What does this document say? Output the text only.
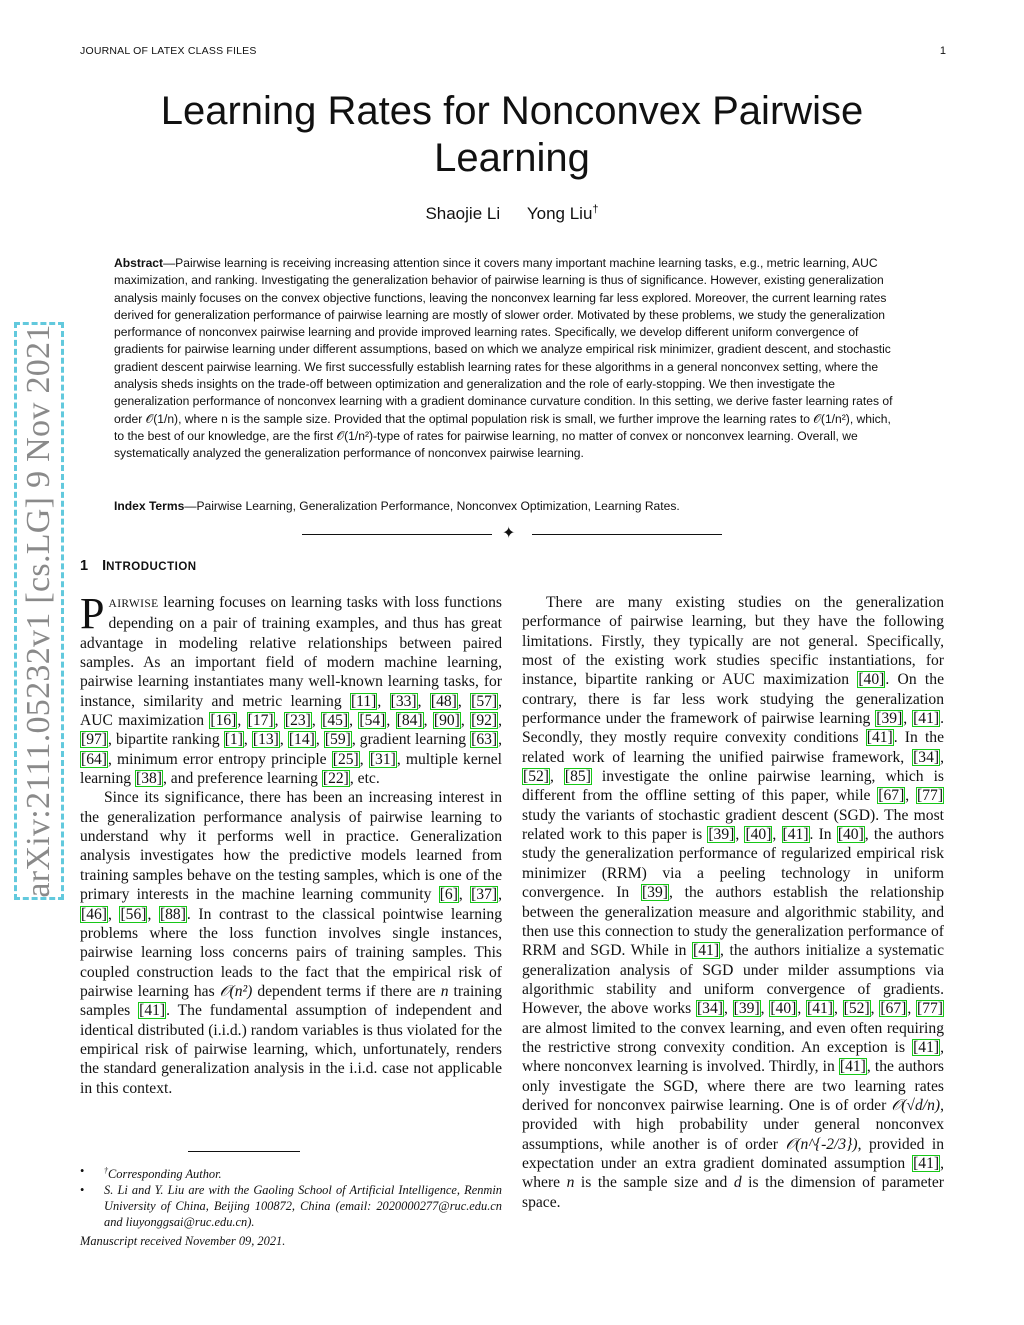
JOURNAL OF LATEX CLASS FILES	1
Learning Rates for Nonconvex Pairwise Learning
Shaojie Li Yong Liu†

Abstract—Pairwise learning is receiving increasing attention since it covers many important machine learning tasks, e.g., metric learning, AUC maximization, and ranking. Investigating the generalization behavior of pairwise learning is thus of significance. However, existing generalization analysis mainly focuses on the convex objective functions, leaving the nonconvex learning far less explored. Moreover, the current learning rates derived for generalization performance of pairwise learning are mostly of slower order. Motivated by these problems, we study the generalization performance of nonconvex pairwise learning and provide improved learning rates. Specifically, we develop different uniform convergence of gradients for pairwise learning under different assumptions, based on which we analyze empirical risk minimizer, gradient descent, and stochastic gradient descent pairwise learning. We first successfully establish learning rates for these algorithms in a general nonconvex setting, where the analysis sheds insights on the trade-off between optimization and generalization and the role of early-stopping. We then investigate the generalization performance of nonconvex learning with a gradient dominance curvature condition. In this setting, we derive faster learning rates of order 𝒪(1/n), where n is the sample size. Provided that the optimal population risk is small, we further improve the learning rates to 𝒪(1/n²), which, to the best of our knowledge, are the first 𝒪(1/n²)-type of rates for pairwise learning, no matter of convex or nonconvex learning. Overall, we systematically analyzed the generalization performance of nonconvex pairwise learning.

Index Terms—Pairwise Learning, Generalization Performance, Nonconvex Optimization, Learning Rates.

✦
1 INTRODUCTION

PAIRWISE learning focuses on learning tasks with loss functions depending on a pair of training examples, and thus has great advantage in modeling relative relationships between paired samples. As an important field of modern machine learning, pairwise learning instantiates many well-known learning tasks, for instance, similarity and metric learning [11], [33], [48], [57], AUC maximization [16], [17], [23], [45], [54], [84], [90], [92], [97], bipartite ranking [1], [13], [14], [59], gradient learning [63], [64], minimum error entropy principle [25], [31], multiple kernel learning [38], and preference learning [22], etc.

Since its significance, there has been an increasing interest in the generalization performance analysis of pairwise learning to understand why it performs well in practice. Generalization analysis investigates how the predictive models learned from training samples behave on the testing samples, which is one of the primary interests in the machine learning community [6], [37], [46], [56], [88]. In contrast to the classical pointwise learning problems where the loss function involves single instances, pairwise learning loss concerns pairs of training samples. This coupled construction leads to the fact that the empirical risk of pairwise learning has 𝒪(n²) dependent terms if there are n training samples [41]. The fundamental assumption of independent and identical distributed (i.i.d.) random variables is thus violated for the empirical risk of pairwise learning, which, unfortunately, renders the standard generalization analysis in the i.i.d. case not applicable in this context.

There are many existing studies on the generalization performance of pairwise learning, but they have the following limitations. Firstly, they typically are not general. Specifically, most of the existing work studies specific instantiations, for instance, bipartite ranking or AUC maximization [40]. On the contrary, there is far less work studying the generalization performance under the framework of pairwise learning [39], [41]. Secondly, they mostly require convexity conditions [41]. In the related work of learning the unified pairwise framework, [34], [52], [85] investigate the online pairwise learning, which is different from the offline setting of this paper, while [67], [77] study the variants of stochastic gradient descent (SGD). The most related work to this paper is [39], [40], [41]. In [40], the authors study the generalization performance of regularized empirical risk minimizer (RRM) via a peeling technology in uniform convergence. In [39], the authors establish the relationship between the generalization measure and algorithmic stability, and then use this connection to study the generalization performance of RRM and SGD. While in [41], the authors initialize a systematic generalization analysis of SGD under milder assumptions via algorithmic stability and uniform convergence of gradients. However, the above works [34], [39], [40], [41], [52], [67], [77] are almost limited to the convex learning, and even often requiring the restrictive strong convexity condition. An exception is [41], where nonconvex learning is involved. Thirdly, in [41], the authors only investigate the SGD, where there are two learning rates derived for nonconvex pairwise learning. One is of order 𝒪(√d/n), provided with high probability under general nonconvex assumptions, while another is of order 𝒪(n^{-2/3}), provided in expectation under an extra gradient dominated assumption [41], where n is the sample size and d is the dimension of parameter space.

• †Corresponding Author.
• S. Li and Y. Liu are with the Gaoling School of Artificial Intelligence, Renmin University of China, Beijing 100872, China (email: 2020000277@ruc.edu.cn and liuyonggsai@ruc.edu.cn).
Manuscript received November 09, 2021.
arXiv:2111.05232v1 [cs.LG] 9 Nov 2021
